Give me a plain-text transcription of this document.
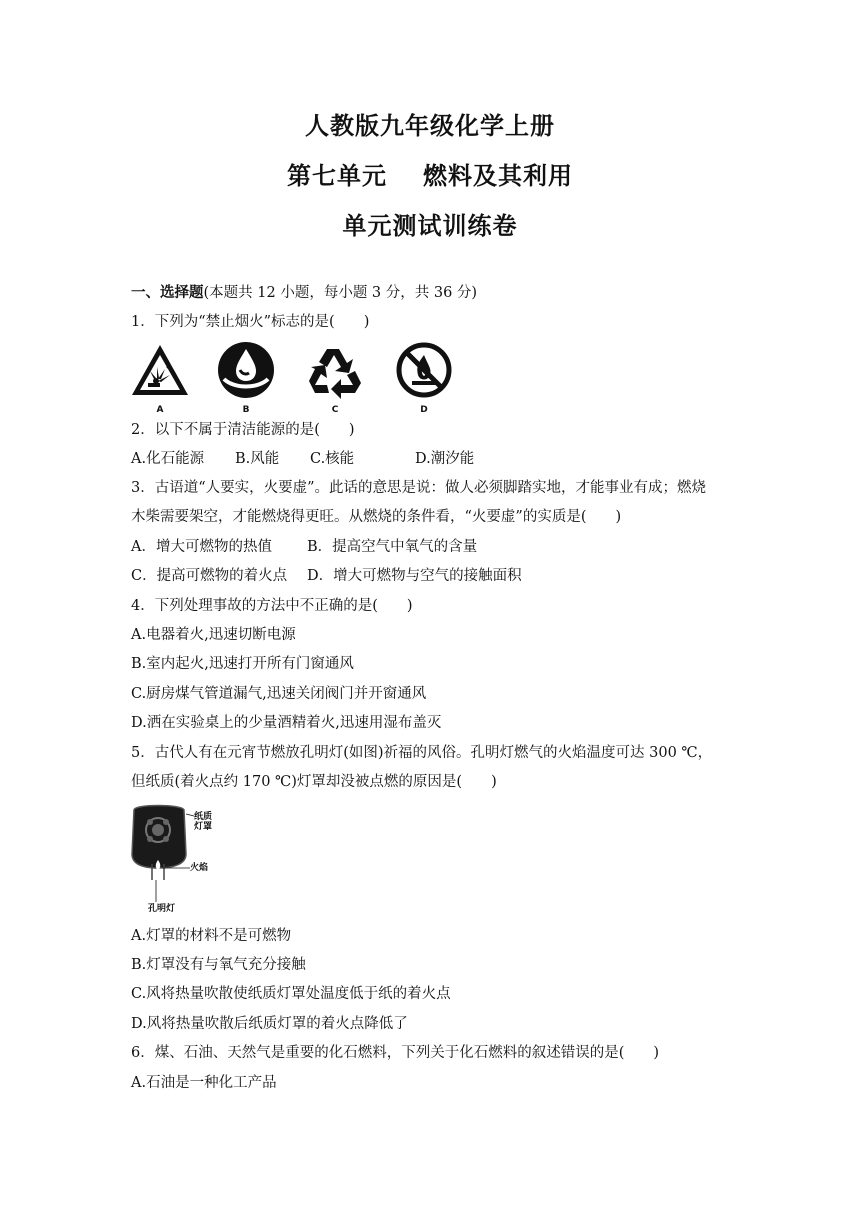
人教版九年级化学上册
第七单元 燃料及其利用
单元测试训练卷
一、选择题(本题共 12 小题，每小题 3 分，共 36 分)
1．下列为“禁止烟火”标志的是(　　)
A	B	C	D
2．以下不属于清洁能源的是(　　)
A.化石能源 B.风能 C.核能	D.潮汐能
3．古语道“人要实，火要虚”。此话的意思是说：做人必须脚踏实地，才能事业有成；燃烧
木柴需要架空，才能燃烧得更旺。从燃烧的条件看，“火要虚”的实质是(　　)
A．增大可燃物的热值 B．提高空气中氧气的含量
C．提高可燃物的着火点 D．增大可燃物与空气的接触面积
4．下列处理事故的方法中不正确的是(　　)
A.电器着火,迅速切断电源
B.室内起火,迅速打开所有门窗通风
C.厨房煤气管道漏气,迅速关闭阀门并开窗通风
D.洒在实验桌上的少量酒精着火,迅速用湿布盖灭
5．古代人有在元宵节燃放孔明灯(如图)祈福的风俗。孔明灯燃气的火焰温度可达 300 ℃，
但纸质(着火点约 170 ℃)灯罩却没被点燃的原因是(　　)
纸质
灯罩
火焰
孔明灯
A.灯罩的材料不是可燃物
B.灯罩没有与氧气充分接触
C.风将热量吹散使纸质灯罩处温度低于纸的着火点
D.风将热量吹散后纸质灯罩的着火点降低了
6．煤、石油、天然气是重要的化石燃料，下列关于化石燃料的叙述错误的是(　　)
A.石油是一种化工产品
